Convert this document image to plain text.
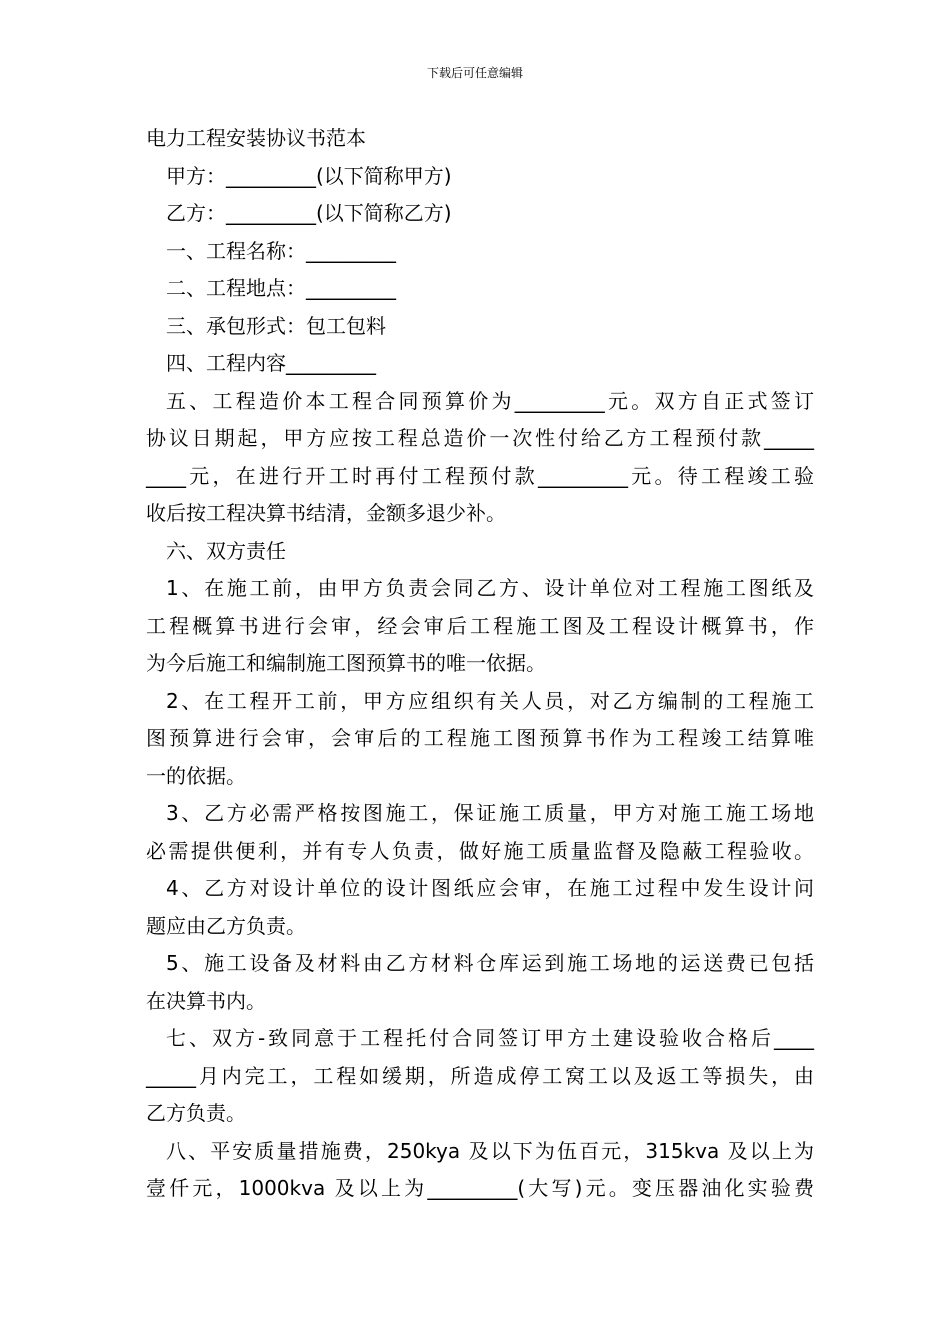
下载后可任意编辑
电力工程安装协议书范本
甲方：_________(以下简称甲方)
乙方：_________(以下简称乙方)
一、工程名称：_________
二、工程地点：_________
三、承包形式：包工包料
四、工程内容_________
五、工程造价本工程合同预算价为_________元。双方自正式签订
协议日期起，甲方应按工程总造价一次性付给乙方工程预付款_____
____元，在进行开工时再付工程预付款_________元。待工程竣工验
收后按工程决算书结清，金额多退少补。
六、双方责任
1、在施工前，由甲方负责会同乙方、设计单位对工程施工图纸及
工程概算书进行会审，经会审后工程施工图及工程设计概算书，作
为今后施工和编制施工图预算书的唯一依据。
2、在工程开工前，甲方应组织有关人员，对乙方编制的工程施工
图预算进行会审，会审后的工程施工图预算书作为工程竣工结算唯
一的依据。
3、乙方必需严格按图施工，保证施工质量，甲方对施工施工场地
必需提供便利，并有专人负责，做好施工质量监督及隐蔽工程验收。
4、乙方对设计单位的设计图纸应会审，在施工过程中发生设计问
题应由乙方负责。
5、施工设备及材料由乙方材料仓库运到施工场地的运送费已包括
在决算书内。
七、双方-致同意于工程托付合同签订甲方土建设验收合格后____
_____月内完工，工程如缓期，所造成停工窝工以及返工等损失，由
乙方负责。
八、平安质量措施费，250kya 及以下为伍百元，315kva 及以上为
壹仟元，1000kva 及以上为_________(大写)元。变压器油化实验费
